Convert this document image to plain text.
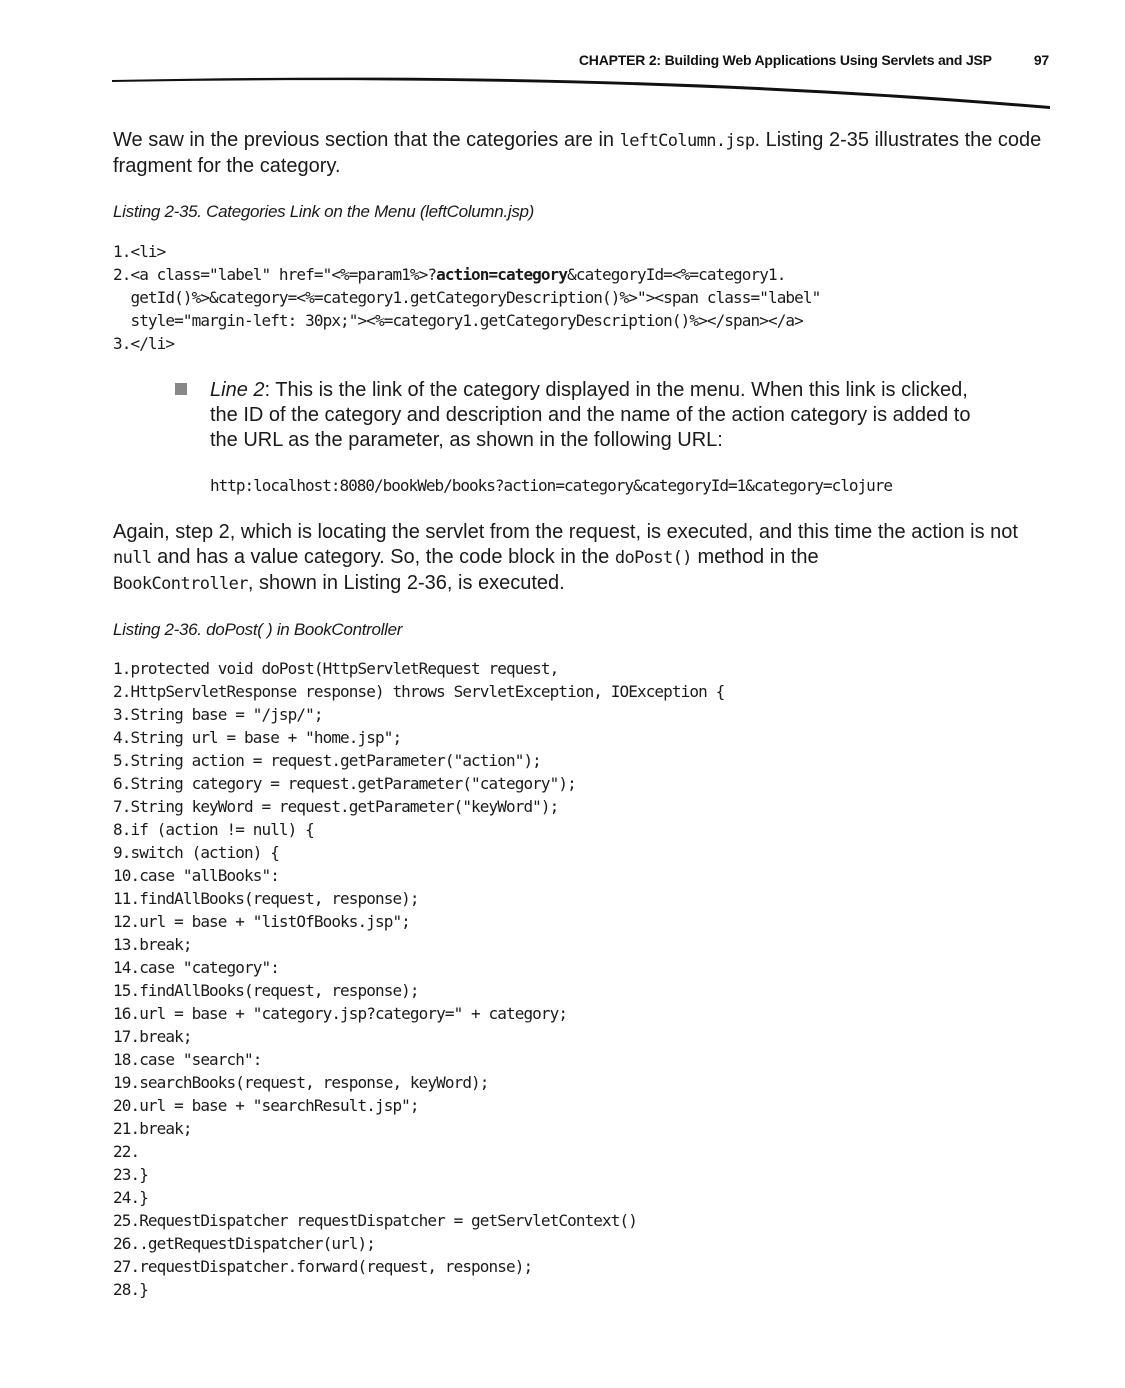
CHAPTER 2: Building Web Applications Using Servlets and JSP	97
We saw in the previous section that the categories are in leftColumn.jsp. Listing 2-35 illustrates the code fragment for the category.
Listing 2-35. Categories Link on the Menu (leftColumn.jsp)
1.<li>
2.<a class="label" href="<%=param1%>?action=category&categoryId=<%=category1.
getId()%>&category=<%=category1.getCategoryDescription()%>"><span class="label"
style="margin-left: 30px;"><%=category1.getCategoryDescription()%></span></a>
3.</li>
Line 2: This is the link of the category displayed in the menu. When this link is clicked, the ID of the category and description and the name of the action category is added to the URL as the parameter, as shown in the following URL:
http:localhost:8080/bookWeb/books?action=category&categoryId=1&category=clojure
Again, step 2, which is locating the servlet from the request, is executed, and this time the action is not null and has a value category. So, the code block in the doPost() method in the
BookController, shown in Listing 2-36, is executed.
Listing 2-36. doPost( ) in BookController
1.protected void doPost(HttpServletRequest request,
2.HttpServletResponse response) throws ServletException, IOException {
3.String base = "/jsp/";
4.String url = base + "home.jsp";
5.String action = request.getParameter("action");
6.String category = request.getParameter("category");
7.String keyWord = request.getParameter("keyWord");
8.if (action != null) {
9.switch (action) {
10.case "allBooks":
11.findAllBooks(request, response);
12.url = base + "listOfBooks.jsp";
13.break;
14.case "category":
15.findAllBooks(request, response);
16.url = base + "category.jsp?category=" + category;
17.break;
18.case "search":
19.searchBooks(request, response, keyWord);
20.url = base + "searchResult.jsp";
21.break;
22.
23.}
24.}
25.RequestDispatcher requestDispatcher = getServletContext()
26..getRequestDispatcher(url);
27.requestDispatcher.forward(request, response);
28.}
